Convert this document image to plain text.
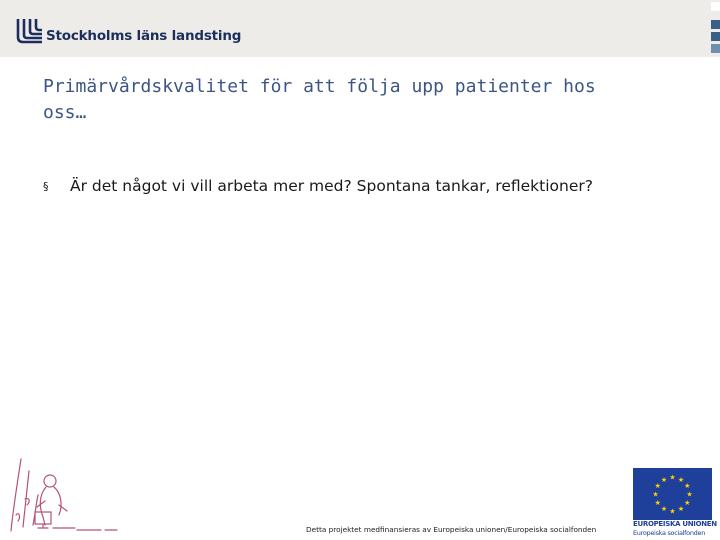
Stockholms läns landsting
Primärvårdskvalitet för att följa upp patienter hos oss…
§ Är det något vi vill arbeta mer med? Spontana tankar, reflektioner?
Detta projektet medfinansieras av Europeiska unionen/Europeiska socialfonden
★ ★
★
★
★
★
★
★
★
★
★
★
EUROPEISKA UNIONEN
Europeiska socialfonden
